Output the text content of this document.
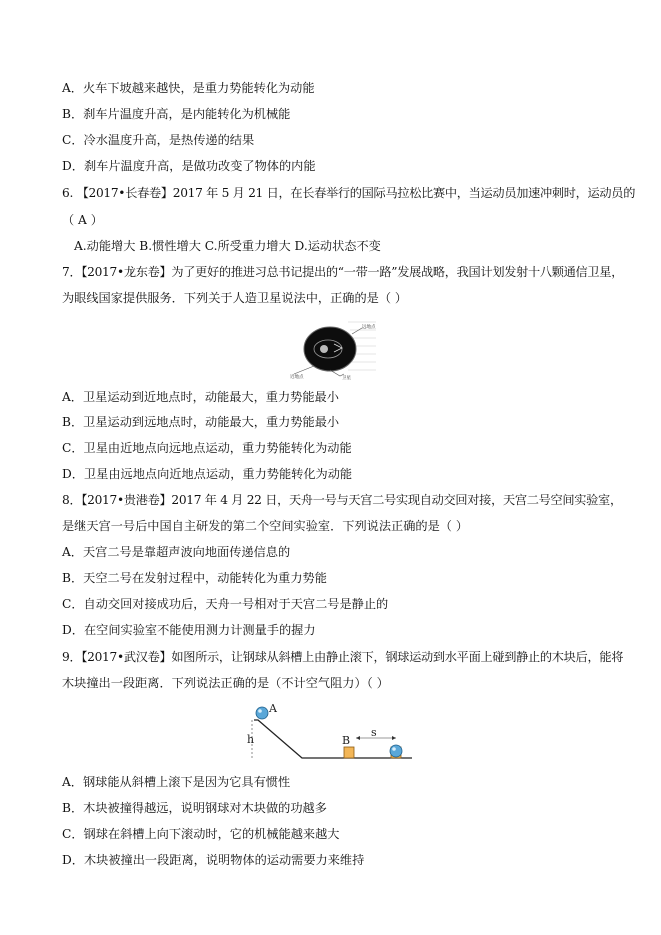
A．火车下坡越来越快，是重力势能转化为动能
B．刹车片温度升高，是内能转化为机械能
C．冷水温度升高，是热传递的结果
D．刹车片温度升高，是做功改变了物体的内能
6. 【2017•长春卷】2017 年 5 月 21 日，在长春举行的国际马拉松比赛中，当运动员加速冲刺时，运动员的
（ A ）
A.动能增大 B.惯性增大 C.所受重力增大 D.运动状态不变
7．【2017•龙东卷】为了更好的推进习总书记提出的“一带一路”发展战略，我国计划发射十八颗通信卫星，
为眼线国家提供服务．下列关于人造卫星说法中，正确的是（ ）
远地点
近地点	卫星
A．卫星运动到近地点时，动能最大，重力势能最小
B．卫星运动到远地点时，动能最大，重力势能最小
C．卫星由近地点向远地点运动，重力势能转化为动能
D．卫星由远地点向近地点运动，重力势能转化为动能
8．【2017•贵港卷】2017 年 4 月 22 日，天舟一号与天宫二号实现自动交回对接，天宫二号空间实验室，
是继天宫一号后中国自主研发的第二个空间实验室．下列说法正确的是（ ）
A．天宫二号是靠超声波向地面传递信息的
B．天空二号在发射过程中，动能转化为重力势能
C．自动交回对接成功后，天舟一号相对于天宫二号是静止的
D．在空间实验室不能使用测力计测量手的握力
9．【2017•武汉卷】如图所示，让钢球从斜槽上由静止滚下，钢球运动到水平面上碰到静止的木块后，能将
木块撞出一段距离．下列说法正确的是（不计空气阻力）（ ）
h
A
B
s
A．钢球能从斜槽上滚下是因为它具有惯性
B．木块被撞得越远，说明钢球对木块做的功越多
C．钢球在斜槽上向下滚动时，它的机械能越来越大
D．木块被撞出一段距离，说明物体的运动需要力来维持
